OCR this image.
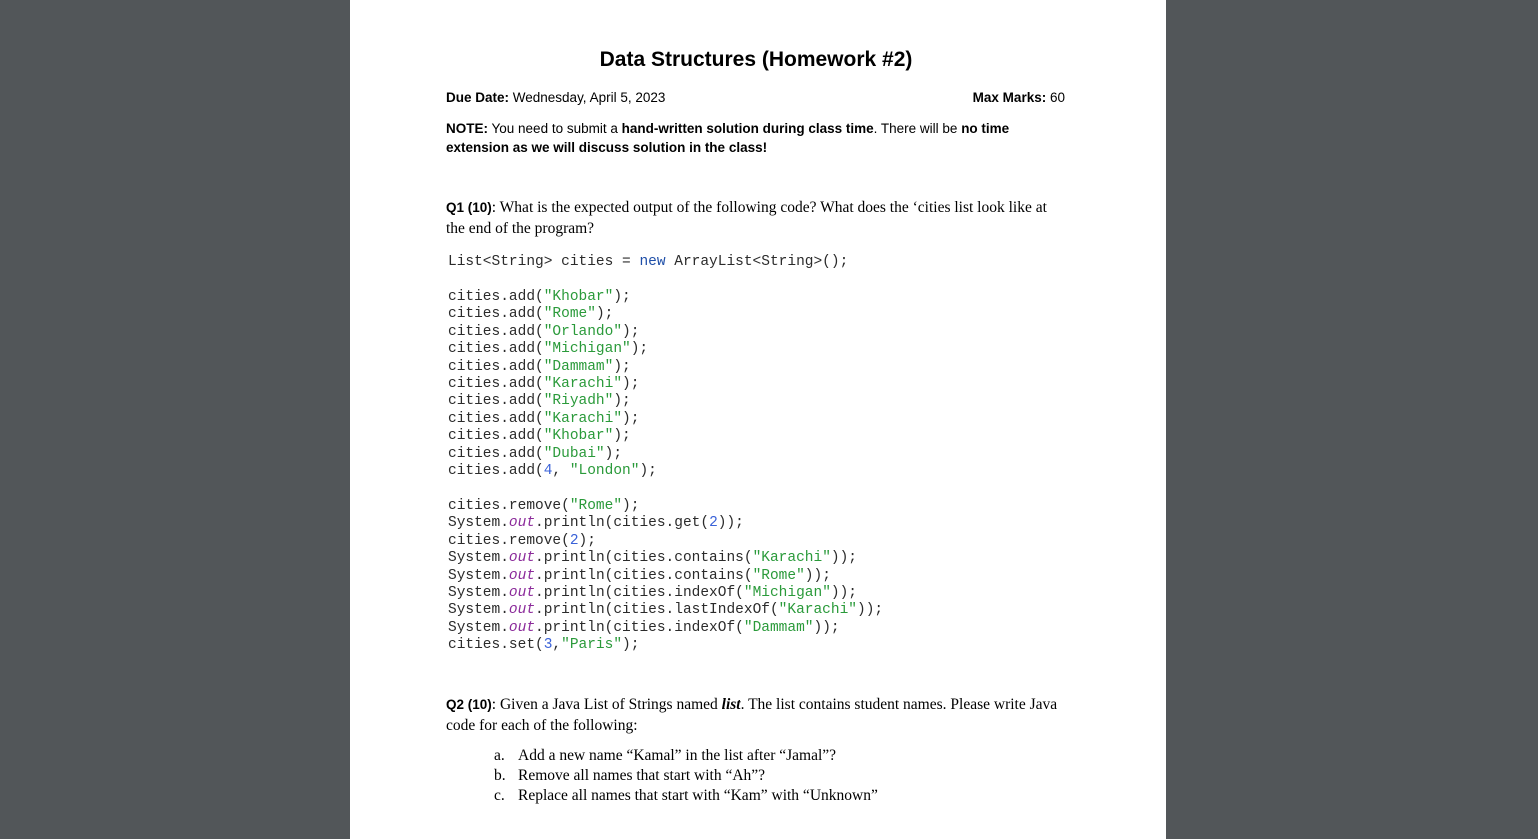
Data Structures (Homework #2)
Due Date: Wednesday, April 5, 2023	Max Marks: 60
NOTE: You need to submit a hand-written solution during class time. There will be no time extension as we will discuss solution in the class!
Q1 (10): What is the expected output of the following code? What does the ‘cities list look like at the end of the program?
List<String> cities = new ArrayList<String>();
cities.add("Khobar");
cities.add("Rome");
cities.add("Orlando");
cities.add("Michigan");
cities.add("Dammam");
cities.add("Karachi");
cities.add("Riyadh");
cities.add("Karachi");
cities.add("Khobar");
cities.add("Dubai");
cities.add(4, "London");
cities.remove("Rome");
System.out.println(cities.get(2));
cities.remove(2);
System.out.println(cities.contains("Karachi"));
System.out.println(cities.contains("Rome"));
System.out.println(cities.indexOf("Michigan"));
System.out.println(cities.lastIndexOf("Karachi"));
System.out.println(cities.indexOf("Dammam"));
cities.set(3,"Paris");
Q2 (10): Given a Java List of Strings named list. The list contains student names. Please write Java code for each of the following:
a. Add a new name “Kamal” in the list after “Jamal”?
b. Remove all names that start with “Ah”?
c. Replace all names that start with “Kam” with “Unknown”
